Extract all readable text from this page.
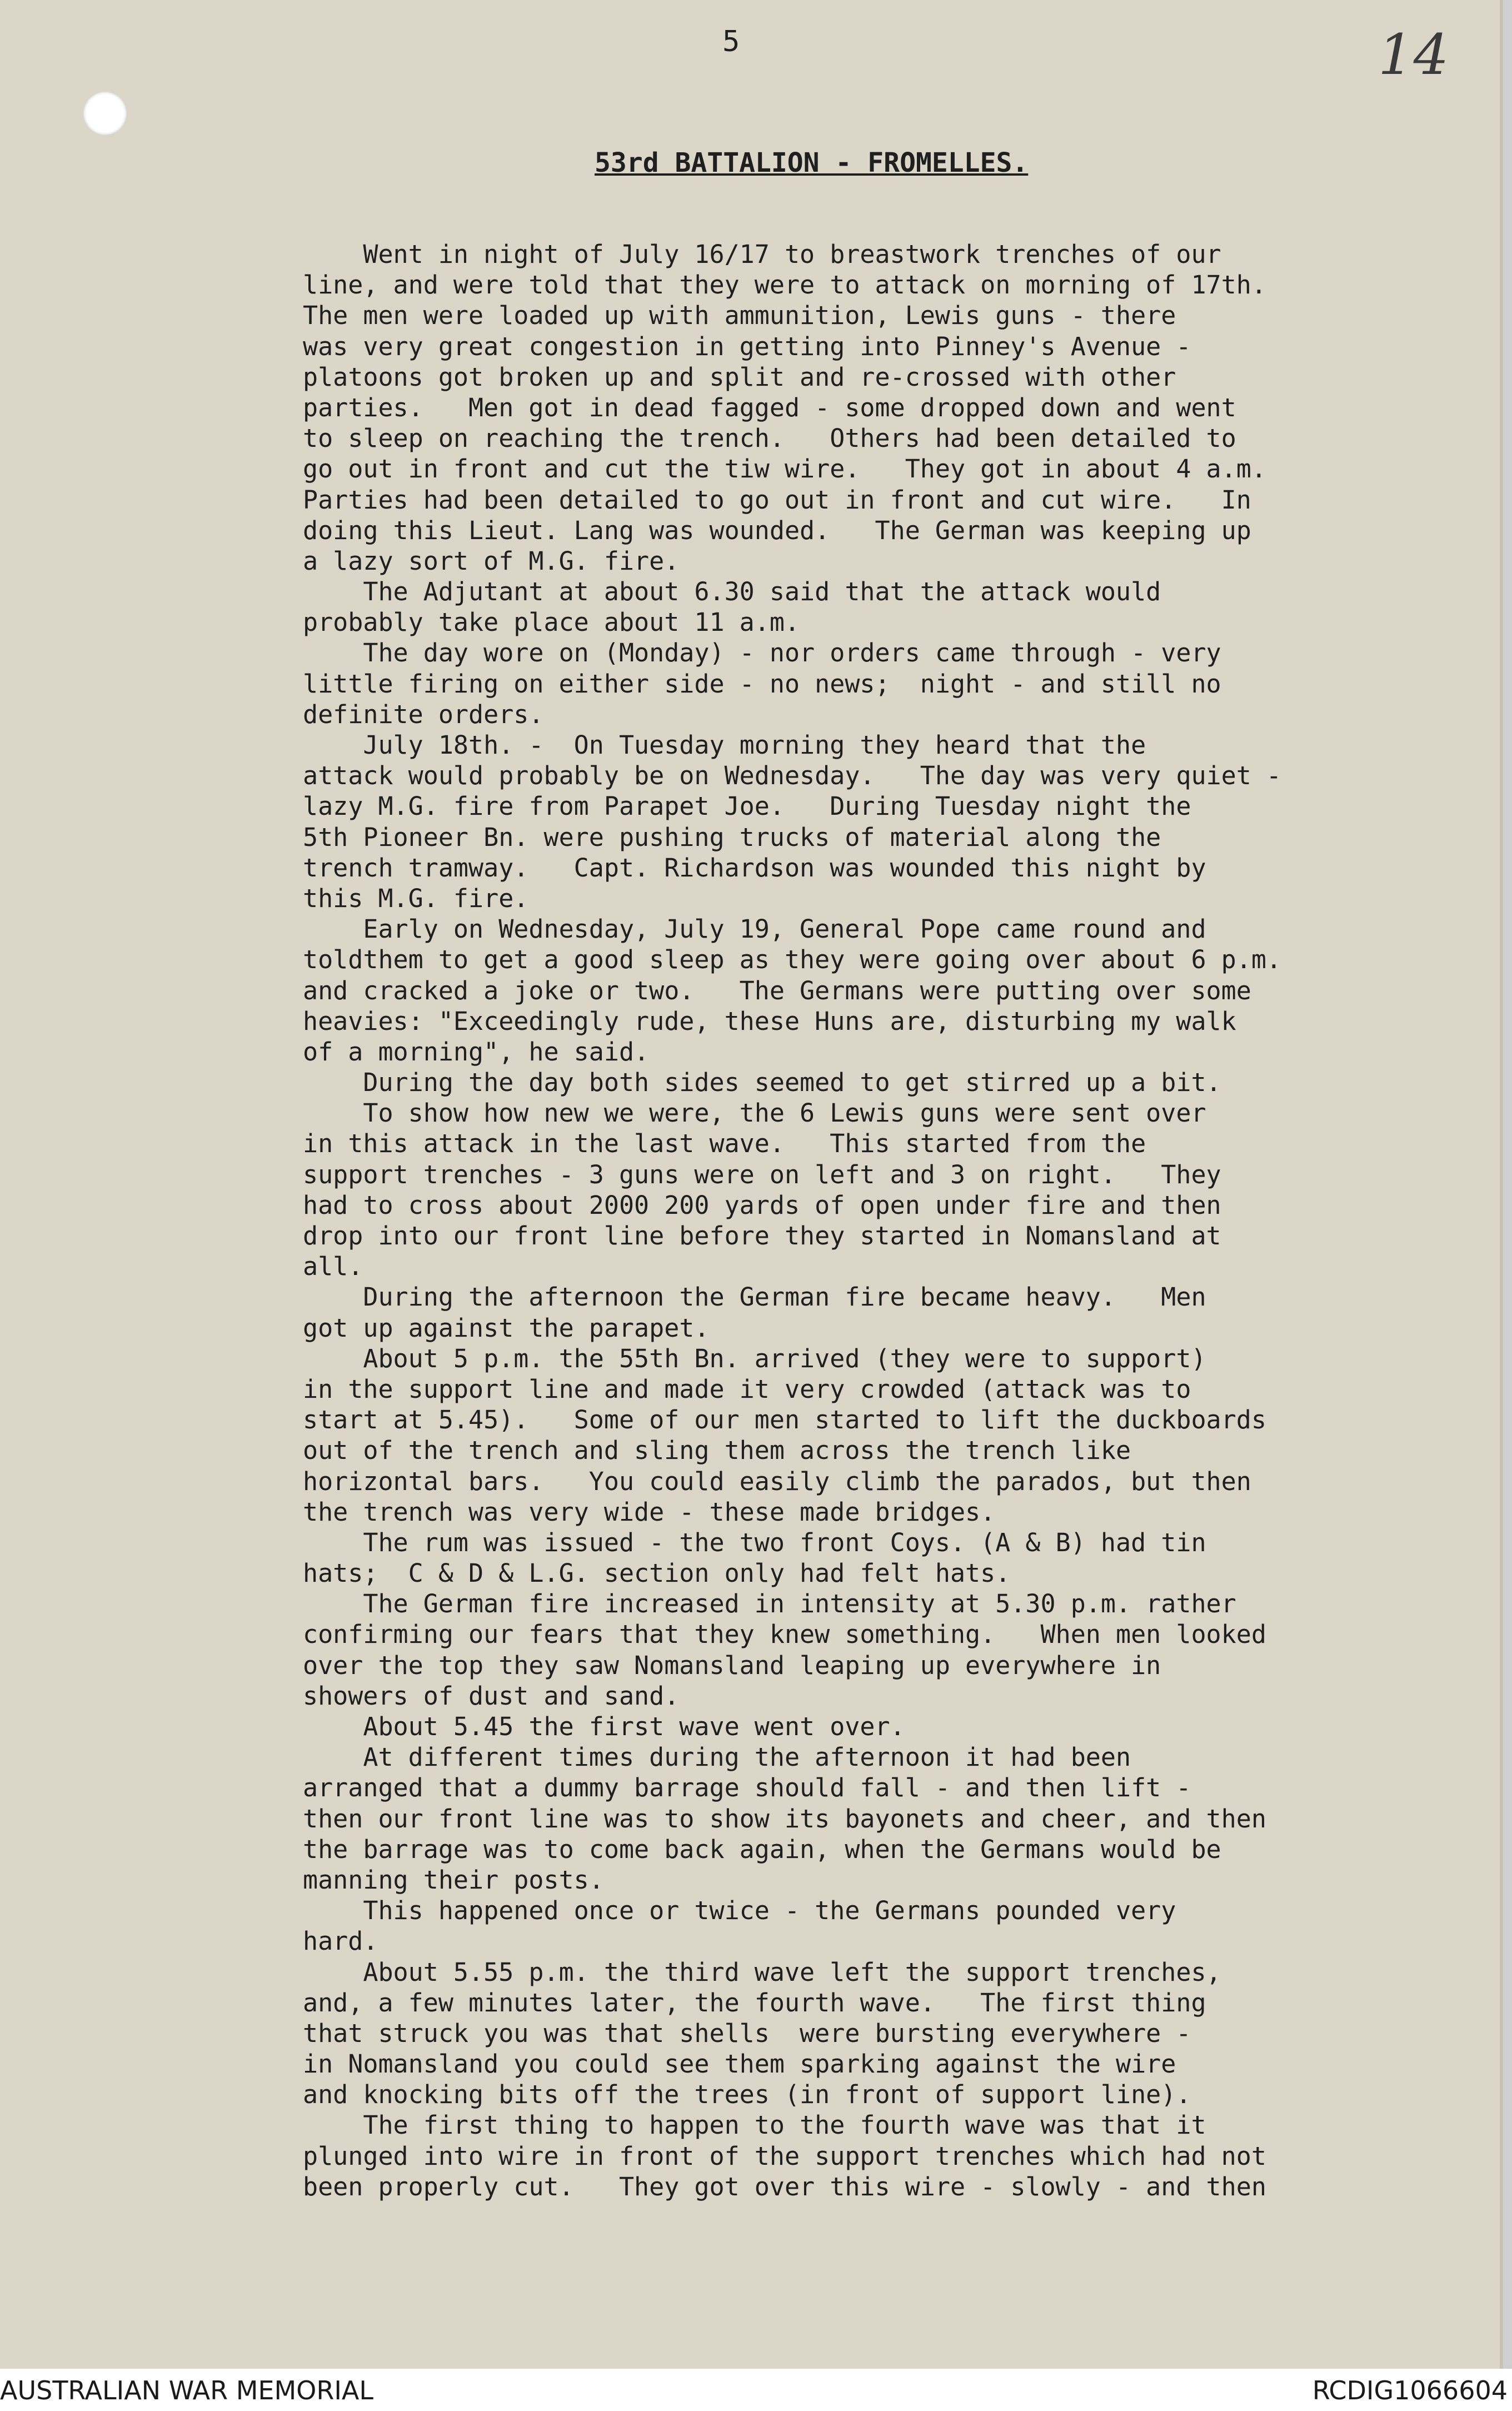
5	14
53rd BATTALION - FROMELLES.
Went in night of July 16/17 to breastwork trenches of our
line, and were told that they were to attack on morning of 17th.
The men were loaded up with ammunition, Lewis guns - there
was very great congestion in getting into Pinney's Avenue -
platoons got broken up and split and re-crossed with other
parties.   Men got in dead fagged - some dropped down and went
to sleep on reaching the trench.   Others had been detailed to
go out in front and cut the tiw wire.   They got in about 4 a.m.
Parties had been detailed to go out in front and cut wire.   In
doing this Lieut. Lang was wounded.   The German was keeping up
a lazy sort of M.G. fire.
The Adjutant at about 6.30 said that the attack would
probably take place about 11 a.m.
The day wore on (Monday) - nor orders came through - very
little firing on either side - no news;  night - and still no
definite orders.
July 18th. -  On Tuesday morning they heard that the
attack would probably be on Wednesday.   The day was very quiet -
lazy M.G. fire from Parapet Joe.   During Tuesday night the
5th Pioneer Bn. were pushing trucks of material along the
trench tramway.   Capt. Richardson was wounded this night by
this M.G. fire.
Early on Wednesday, July 19, General Pope came round and
toldthem to get a good sleep as they were going over about 6 p.m.
and cracked a joke or two.   The Germans were putting over some
heavies: "Exceedingly rude, these Huns are, disturbing my walk
of a morning", he said.
During the day both sides seemed to get stirred up a bit.
To show how new we were, the 6 Lewis guns were sent over
in this attack in the last wave.   This started from the
support trenches - 3 guns were on left and 3 on right.   They
had to cross about 2000 200 yards of open under fire and then
drop into our front line before they started in Nomansland at
all.
During the afternoon the German fire became heavy.   Men
got up against the parapet.
About 5 p.m. the 55th Bn. arrived (they were to support)
in the support line and made it very crowded (attack was to
start at 5.45).   Some of our men started to lift the duckboards
out of the trench and sling them across the trench like
horizontal bars.   You could easily climb the parados, but then
the trench was very wide - these made bridges.
The rum was issued - the two front Coys. (A & B) had tin
hats;  C & D & L.G. section only had felt hats.
The German fire increased in intensity at 5.30 p.m. rather
confirming our fears that they knew something.   When men looked
over the top they saw Nomansland leaping up everywhere in
showers of dust and sand.
About 5.45 the first wave went over.
At different times during the afternoon it had been
arranged that a dummy barrage should fall - and then lift -
then our front line was to show its bayonets and cheer, and then
the barrage was to come back again, when the Germans would be
manning their posts.
This happened once or twice - the Germans pounded very
hard.
About 5.55 p.m. the third wave left the support trenches,
and, a few minutes later, the fourth wave.   The first thing
that struck you was that shells  were bursting everywhere -
in Nomansland you could see them sparking against the wire
and knocking bits off the trees (in front of support line).
The first thing to happen to the fourth wave was that it
plunged into wire in front of the support trenches which had not
been properly cut.   They got over this wire - slowly - and then
AUSTRALIAN WAR MEMORIAL	RCDIG1066604
